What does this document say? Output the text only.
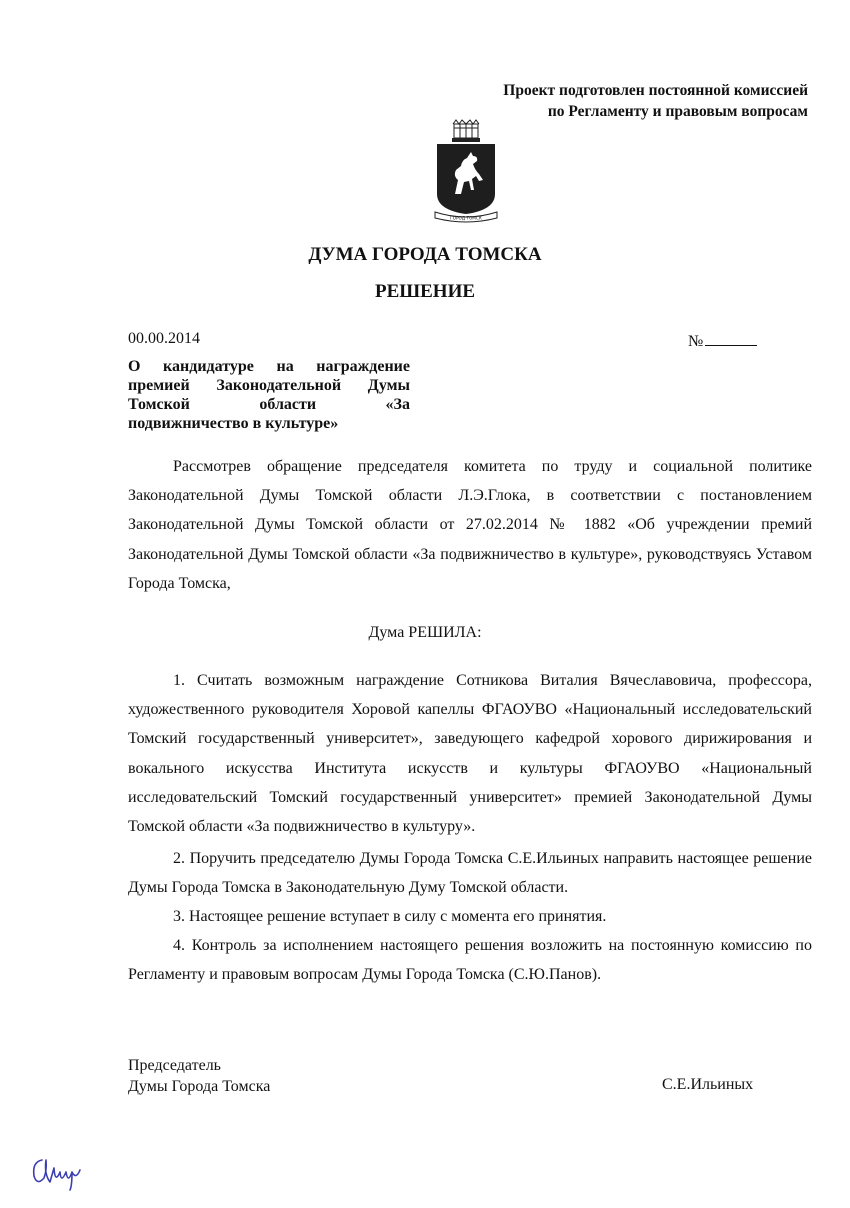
Проект подготовлен постоянной комиссией
по Регламенту и правовым вопросам
ГОРОД ТОМСК
ДУМА ГОРОДА ТОМСКА
РЕШЕНИЕ
00.00.2014	№
О кандидатуре на награждение
премией Законодательной Думы
Томской области «За
подвижничество в культуре»
Рассмотрев обращение председателя комитета по труду и социальной политике Законодательной Думы Томской области Л.Э.Глока, в соответствии с постановлением Законодательной Думы Томской области от 27.02.2014 № 1882 «Об учреждении премий Законодательной Думы Томской области «За подвижничество в культуре», руководствуясь Уставом Города Томска,
Дума РЕШИЛА:
1. Считать возможным награждение Сотникова Виталия Вячеславовича, профессора, художественного руководителя Хоровой капеллы ФГАОУВО «Национальный исследовательский Томский государственный университет», заведующего кафедрой хорового дирижирования и вокального искусства Института искусств и культуры ФГАОУВО «Национальный исследовательский Томский государственный университет» премией Законодательной Думы Томской области «За подвижничество в культуру».
2. Поручить председателю Думы Города Томска С.Е.Ильиных направить настоящее решение Думы Города Томска в Законодательную Думу Томской области.
3. Настоящее решение вступает в силу с момента его принятия.
4. Контроль за исполнением настоящего решения возложить на постоянную комиссию по Регламенту и правовым вопросам Думы Города Томска (С.Ю.Панов).
Председатель
Думы Города Томска	С.Е.Ильиных
